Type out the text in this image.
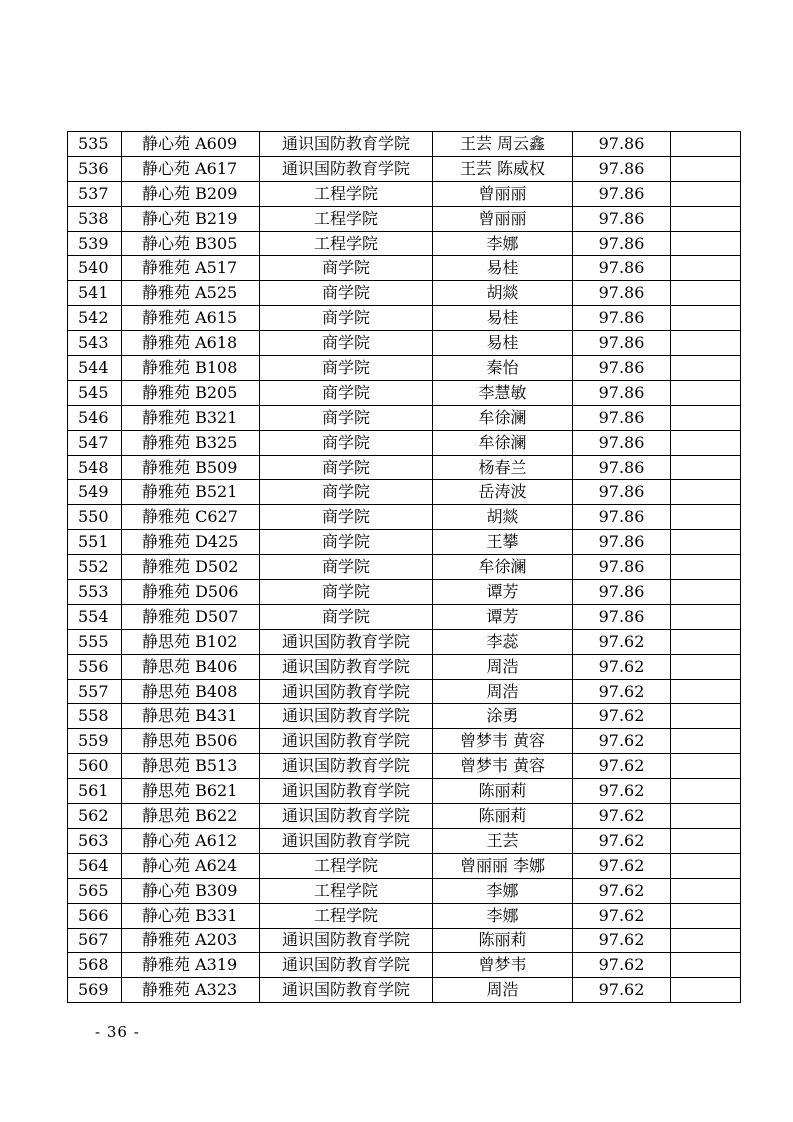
535	静心苑 A609	通识国防教育学院	王芸 周云鑫	97.86	
536	静心苑 A617	通识国防教育学院	王芸 陈威权	97.86	
537	静心苑 B209	工程学院	曾丽丽	97.86	
538	静心苑 B219	工程学院	曾丽丽	97.86	
539	静心苑 B305	工程学院	李娜	97.86	
540	静雅苑 A517	商学院	易桂	97.86	
541	静雅苑 A525	商学院	胡燚	97.86	
542	静雅苑 A615	商学院	易桂	97.86	
543	静雅苑 A618	商学院	易桂	97.86	
544	静雅苑 B108	商学院	秦怡	97.86	
545	静雅苑 B205	商学院	李慧敏	97.86	
546	静雅苑 B321	商学院	牟徐澜	97.86	
547	静雅苑 B325	商学院	牟徐澜	97.86	
548	静雅苑 B509	商学院	杨春兰	97.86	
549	静雅苑 B521	商学院	岳涛波	97.86	
550	静雅苑 C627	商学院	胡燚	97.86	
551	静雅苑 D425	商学院	王攀	97.86	
552	静雅苑 D502	商学院	牟徐澜	97.86	
553	静雅苑 D506	商学院	谭芳	97.86	
554	静雅苑 D507	商学院	谭芳	97.86	
555	静思苑 B102	通识国防教育学院	李蕊	97.62	
556	静思苑 B406	通识国防教育学院	周浩	97.62	
557	静思苑 B408	通识国防教育学院	周浩	97.62	
558	静思苑 B431	通识国防教育学院	涂勇	97.62	
559	静思苑 B506	通识国防教育学院	曾梦韦 黄容	97.62	
560	静思苑 B513	通识国防教育学院	曾梦韦 黄容	97.62	
561	静思苑 B621	通识国防教育学院	陈丽莉	97.62	
562	静思苑 B622	通识国防教育学院	陈丽莉	97.62	
563	静心苑 A612	通识国防教育学院	王芸	97.62	
564	静心苑 A624	工程学院	曾丽丽 李娜	97.62	
565	静心苑 B309	工程学院	李娜	97.62	
566	静心苑 B331	工程学院	李娜	97.62	
567	静雅苑 A203	通识国防教育学院	陈丽莉	97.62	
568	静雅苑 A319	通识国防教育学院	曾梦韦	97.62	
569	静雅苑 A323	通识国防教育学院	周浩	97.62	
- 36 -
